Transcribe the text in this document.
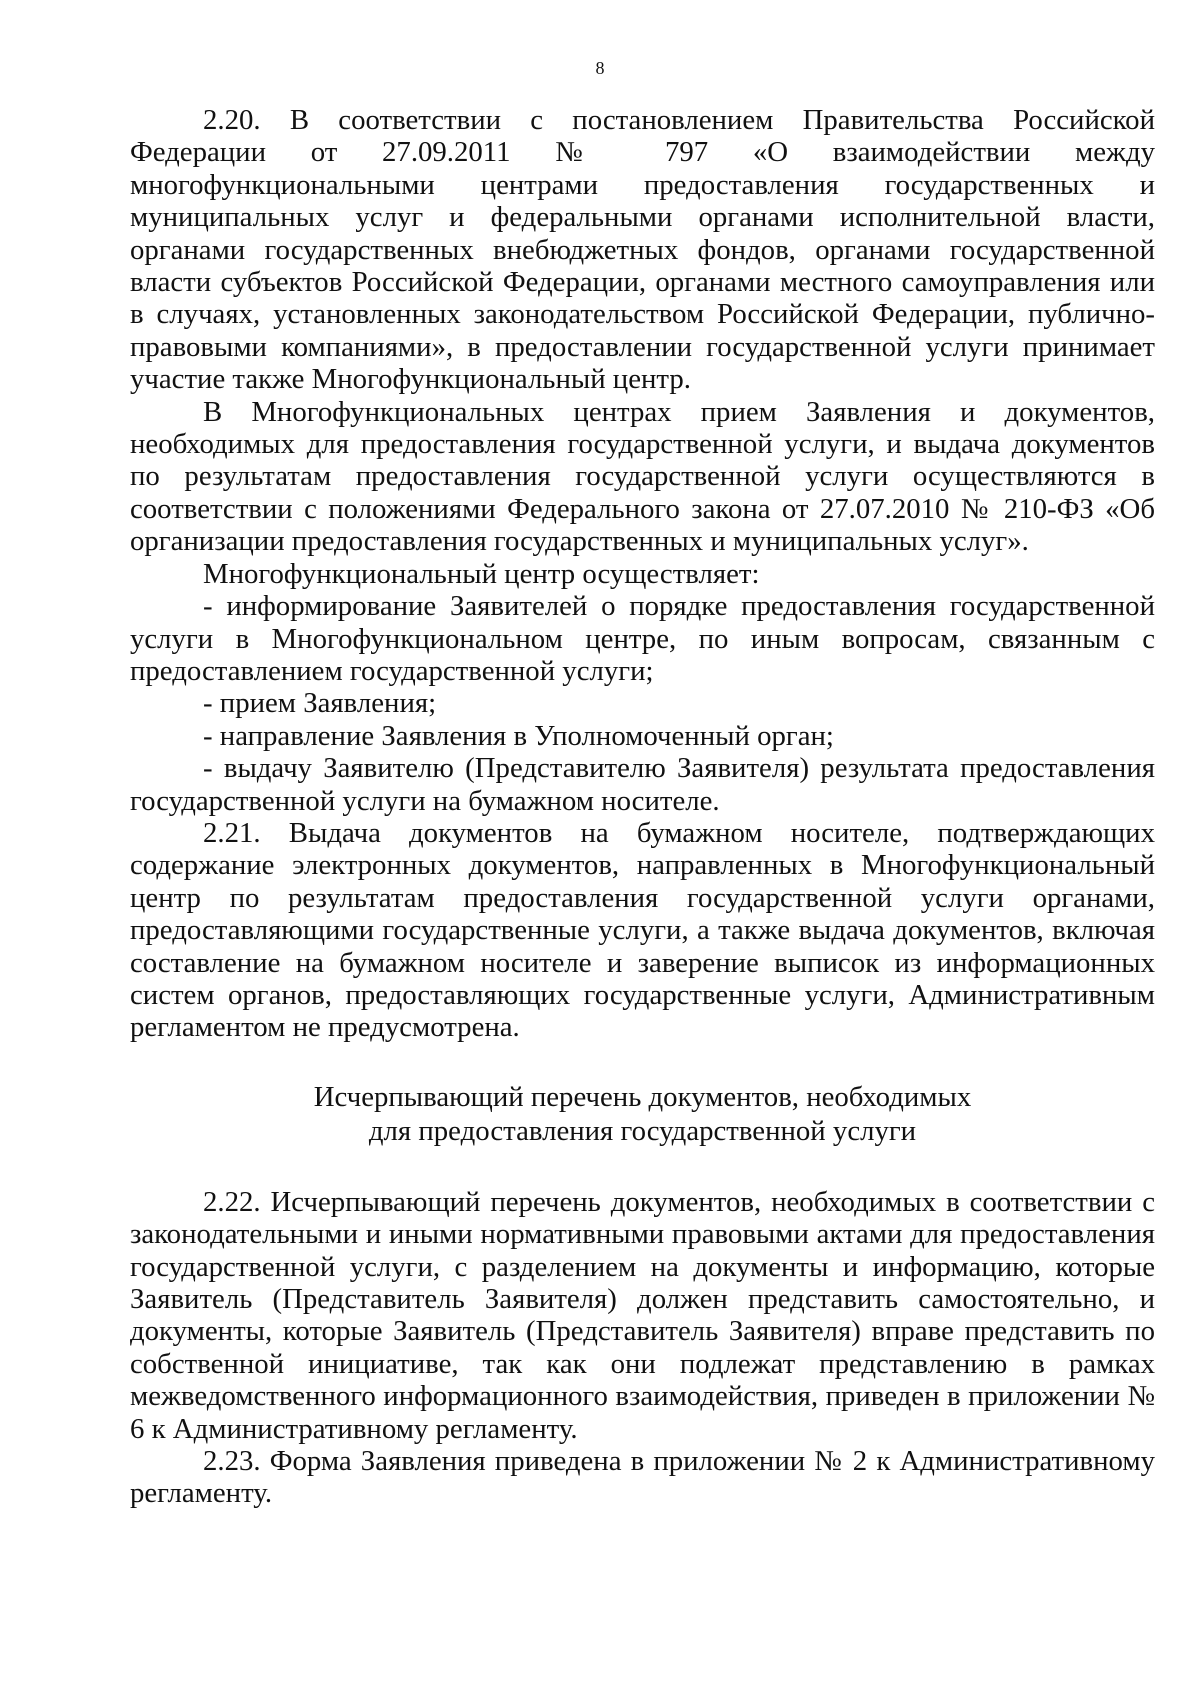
8

2.20. В соответствии с постановлением Правительства Российской Федерации от 27.09.2011 № 797 «О взаимодействии между многофункциональными центрами предоставления государственных и муниципальных услуг и федеральными органами исполнительной власти, органами государственных внебюджетных фондов, органами государственной власти субъектов Российской Федерации, органами местного самоуправления или в случаях, установленных законодательством Российской Федерации, публично-правовыми компаниями», в предоставлении государственной услуги принимает участие также Многофункциональный центр.

В Многофункциональных центрах прием Заявления и документов, необходимых для предоставления государственной услуги, и выдача документов по результатам предоставления государственной услуги осуществляются в соответствии с положениями Федерального закона от 27.07.2010 № 210-ФЗ «Об организации предоставления государственных и муниципальных услуг».

Многофункциональный центр осуществляет:

- информирование Заявителей о порядке предоставления государственной услуги в Многофункциональном центре, по иным вопросам, связанным с предоставлением государственной услуги;

- прием Заявления;

- направление Заявления в Уполномоченный орган;

- выдачу Заявителю (Представителю Заявителя) результата предоставления государственной услуги на бумажном носителе.

2.21. Выдача документов на бумажном носителе, подтверждающих содержание электронных документов, направленных в Многофункциональный центр по результатам предоставления государственной услуги органами, предоставляющими государственные услуги, а также выдача документов, включая составление на бумажном носителе и заверение выписок из информационных систем органов, предоставляющих государственные услуги, Административным регламентом не предусмотрена.

Исчерпывающий перечень документов, необходимых
для предоставления государственной услуги

2.22. Исчерпывающий перечень документов, необходимых в соответствии с законодательными и иными нормативными правовыми актами для предоставления государственной услуги, с разделением на документы и информацию, которые Заявитель (Представитель Заявителя) должен представить самостоятельно, и документы, которые Заявитель (Представитель Заявителя) вправе представить по собственной инициативе, так как они подлежат представлению в рамках межведомственного информационного взаимодействия, приведен в приложении № 6 к Административному регламенту.

2.23. Форма Заявления приведена в приложении № 2 к Административному регламенту.
